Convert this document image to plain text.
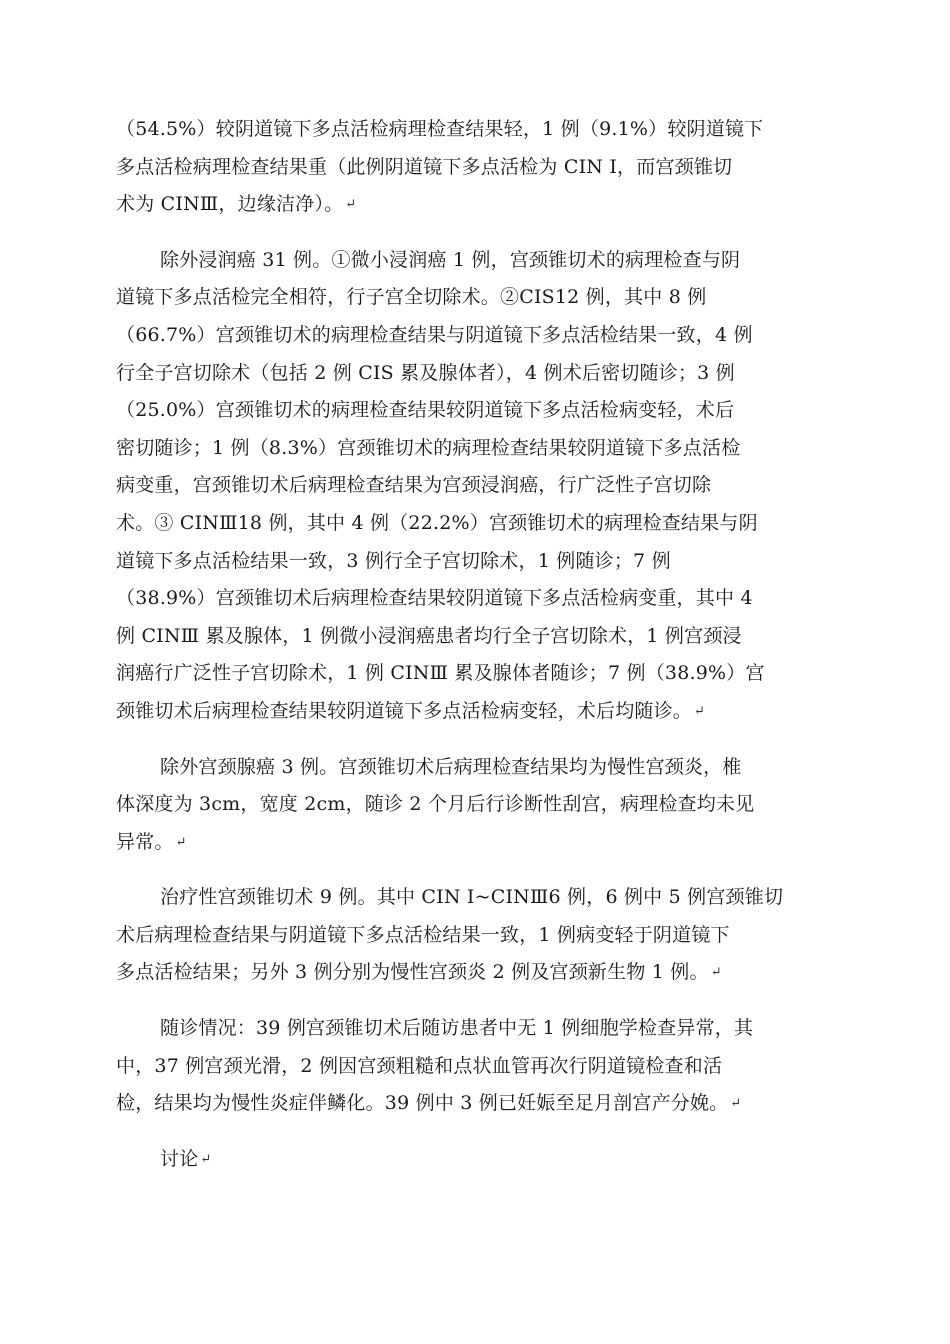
（54.5%）较阴道镜下多点活检病理检查结果轻，1 例（9.1%）较阴道镜下
多点活检病理检查结果重（此例阴道镜下多点活检为 CIN Ⅰ，而宫颈锥切
术为 CINⅢ，边缘洁净）。 ↵

除外浸润癌 31 例。①微小浸润癌 1 例，宫颈锥切术的病理检查与阴
道镜下多点活检完全相符，行子宫全切除术。②CIS12 例，其中 8 例
（66.7%）宫颈锥切术的病理检查结果与阴道镜下多点活检结果一致，4 例
行全子宫切除术（包括 2 例 CIS 累及腺体者），4 例术后密切随诊；3 例
（25.0%）宫颈锥切术的病理检查结果较阴道镜下多点活检病变轻，术后
密切随诊；1 例（8.3%）宫颈锥切术的病理检查结果较阴道镜下多点活检
病变重，宫颈锥切术后病理检查结果为宫颈浸润癌，行广泛性子宫切除
术。③ CINⅢ18 例，其中 4 例（22.2%）宫颈锥切术的病理检查结果与阴
道镜下多点活检结果一致，3 例行全子宫切除术，1 例随诊；7 例
（38.9%）宫颈锥切术后病理检查结果较阴道镜下多点活检病变重，其中 4
例 CINⅢ 累及腺体，1 例微小浸润癌患者均行全子宫切除术，1 例宫颈浸
润癌行广泛性子宫切除术，1 例 CINⅢ 累及腺体者随诊；7 例（38.9%）宫
颈锥切术后病理检查结果较阴道镜下多点活检病变轻，术后均随诊。 ↵

除外宫颈腺癌 3 例。宫颈锥切术后病理检查结果均为慢性宫颈炎，椎
体深度为 3cm，宽度 2cm，随诊 2 个月后行诊断性刮宫，病理检查均未见
异常。 ↵

治疗性宫颈锥切术 9 例。其中 CIN Ⅰ~CINⅢ6 例，6 例中 5 例宫颈锥切
术后病理检查结果与阴道镜下多点活检结果一致，1 例病变轻于阴道镜下
多点活检结果；另外 3 例分别为慢性宫颈炎 2 例及宫颈新生物 1 例。 ↵

随诊情况：39 例宫颈锥切术后随访患者中无 1 例细胞学检查异常，其
中，37 例宫颈光滑，2 例因宫颈粗糙和点状血管再次行阴道镜检查和活
检，结果均为慢性炎症伴鳞化。39 例中 3 例已妊娠至足月剖宫产分娩。 ↵

讨论 ↵
